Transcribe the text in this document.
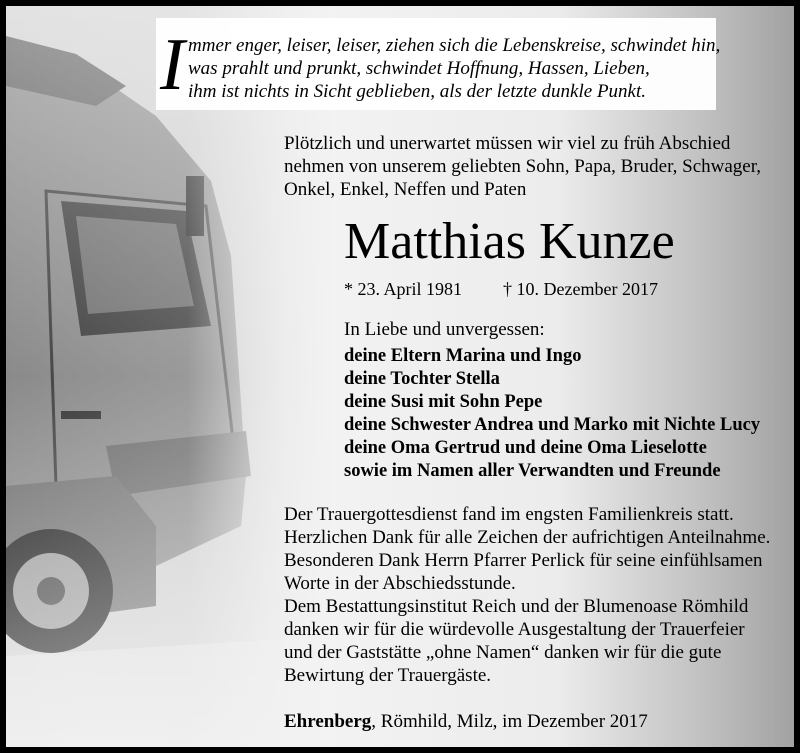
I mmer enger, leiser, leiser, ziehen sich die Lebenskreise, schwindet hin,
was prahlt und prunkt, schwindet Hoffnung, Hassen, Lieben,
ihm ist nichts in Sicht geblieben, als der letzte dunkle Punkt.
Plötzlich und unerwartet müssen wir viel zu früh Abschied
nehmen von unserem geliebten Sohn, Papa, Bruder, Schwager,
Onkel, Enkel, Neffen und Paten
Matthias Kunze
* 23. April 1981 † 10. Dezember 2017
In Liebe und unvergessen:
deine Eltern Marina und Ingo
deine Tochter Stella
deine Susi mit Sohn Pepe
deine Schwester Andrea und Marko mit Nichte Lucy
deine Oma Gertrud und deine Oma Lieselotte
sowie im Namen aller Verwandten und Freunde
Der Trauergottesdienst fand im engsten Familienkreis statt.
Herzlichen Dank für alle Zeichen der aufrichtigen Anteilnahme.
Besonderen Dank Herrn Pfarrer Perlick für seine einfühlsamen
Worte in der Abschiedsstunde.
Dem Bestattungsinstitut Reich und der Blumenoase Römhild
danken wir für die würdevolle Ausgestaltung der Trauerfeier
und der Gaststätte „ohne Namen“ danken wir für die gute
Bewirtung der Trauergäste.
Ehrenberg, Römhild, Milz, im Dezember 2017
